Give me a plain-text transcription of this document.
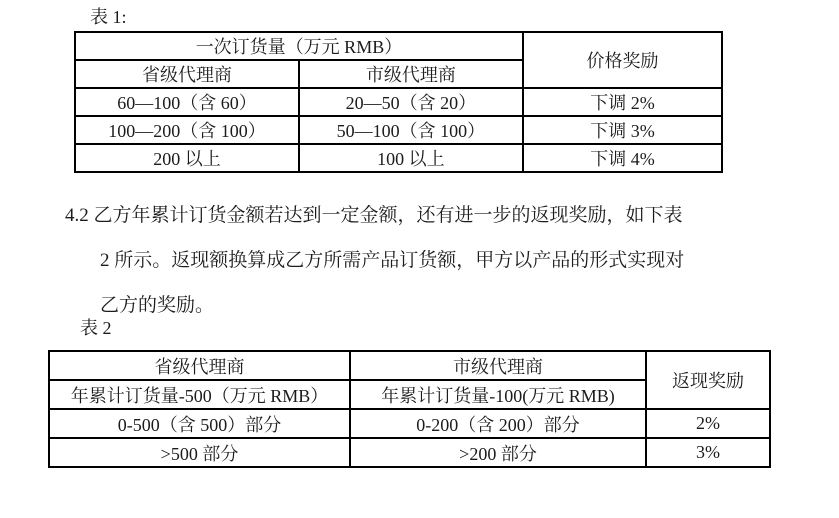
表 1:
一次订货量（万元 RMB）		价格奖励
省级代理商	市级代理商	
60—100（含 60）	20—50（含 20）	下调 2%
100—200（含 100）	50—100（含 100）	下调 3%
200 以上	100 以上	下调 4%
4.2 乙方年累计订货金额若达到一定金额，还有进一步的返现奖励，如下表
2 所示。返现额换算成乙方所需产品订货额，甲方以产品的形式实现对
乙方的奖励。
表 2
省级代理商	市级代理商	返现奖励
年累计订货量-500（万元 RMB）	年累计订货量-100(万元 RMB)	
0-500（含 500）部分	0-200（含 200）部分	2%
>500 部分	>200 部分	3%
